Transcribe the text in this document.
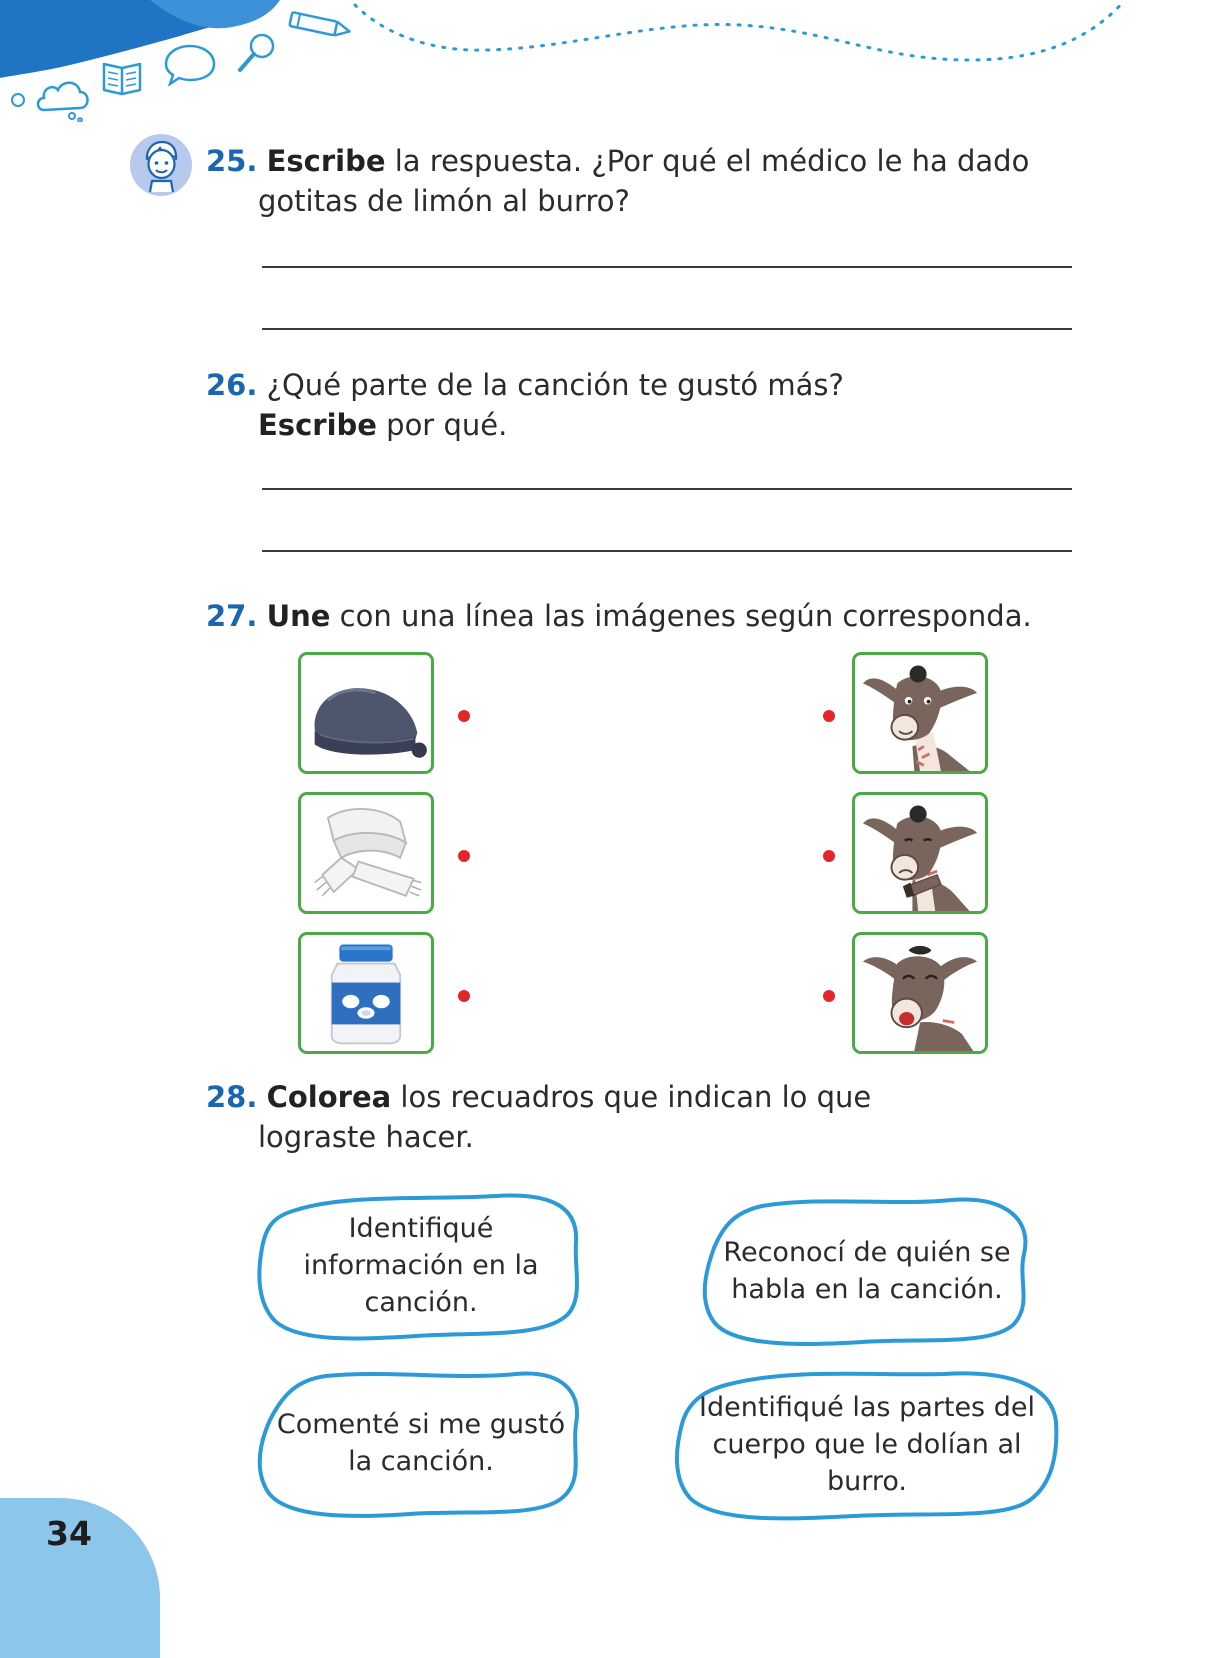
25. Escribe la respuesta. ¿Por qué el médico le ha dado
gotitas de limón al burro?
26. ¿Qué parte de la canción te gustó más?
Escribe por qué.
27. Une con una línea las imágenes según corresponda.
28. Colorea los recuadros que indican lo que
lograste hacer.
Identifiqué información en la canción.
Reconocí de quién se habla en la canción.
Comenté si me gustó la canción.
Identifiqué las partes del cuerpo que le dolían al burro.
34
